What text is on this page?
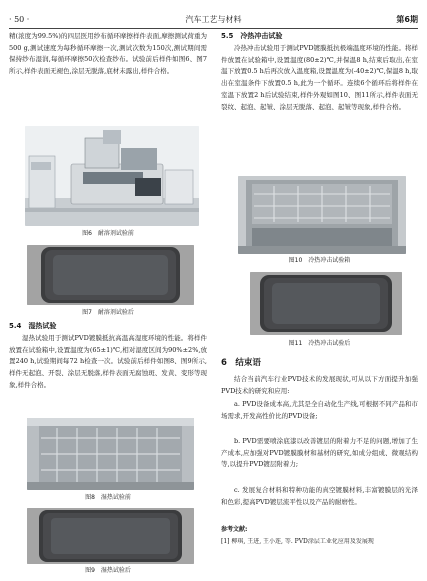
· 50 ·	汽车工艺与材料	第6期

精(浓度为99.5%)的四层医用纱布循环摩擦样件表面,摩擦测试荷重为500 g,测试速度为每秒循环摩擦一次,测试次数为150次,测试期间需保持纱布湿润,每循环摩擦50次检查纱布。试验前后样件如图6、图7所示,样件表面无褪色,涂层无脱落,底材未露出,样件合格。

图6　耐溶剂试验前
图7　耐溶剂试验后
5.4　湿热试验

湿热试验用于测试PVD镀膜抵抗高温高湿度环境的性能。将样件放置在试验箱中,设置温度为(65±1)℃,相对湿度区间为90%±2%,放置240 h,试验期间每72 h检查一次。试验前后样件如图8、图9所示,样件无起泡、开裂、涂层无脱落,样件表面无腐蚀斑、发黄、变形等现象,样件合格。

图8　湿热试验前
图9　湿热试验后
5.5　冷热冲击试验

冷热冲击试验用于测试PVD镀膜抵抗极端温度环境的性能。将样件放置在试验箱中,设置温度(80±2)℃,并保温8 h,结束后取出,在室温下放置0.5 h后再次放入温度箱,设置温度为(-40±2)℃,保温8 h,取出在室温条件下放置0.5 h,此为一个循环。连续6个循环后将样件在室温下放置2 h后试验结束,样件外观如图10、图11所示,样件表面无裂纹、起泡、起皱、涂层无脱落、起泡、起皱等现象,样件合格。

图10　冷热冲击试验箱
图11　冷热冲击试验后
6　结束语

结合当前汽车行业PVD技术的发展现状,可从以下方面提升加强PVD技术的研究和应用:

a. PVD设备成本高,尤其是全自动化生产线,可根据不同产品和市场需求,开发高性价比的PVD设备;

b. PVD需要喷涂底漆以改善镀层的附着力不足的问题,增加了生产成本,应加强对PVD镀膜膜材和基材的研究,如成分组成、微观结构等,以提升PVD镀层附着力;

c. 发展复合材料和特种功能的真空镀膜材料,丰富镀膜层的光泽和色彩,提高PVD镀层流平性以及产品的耐磨性。

参考文献:
[1] 柳琪, 王进, 王小连, 等. PVD涂层工业化应用及发展现
